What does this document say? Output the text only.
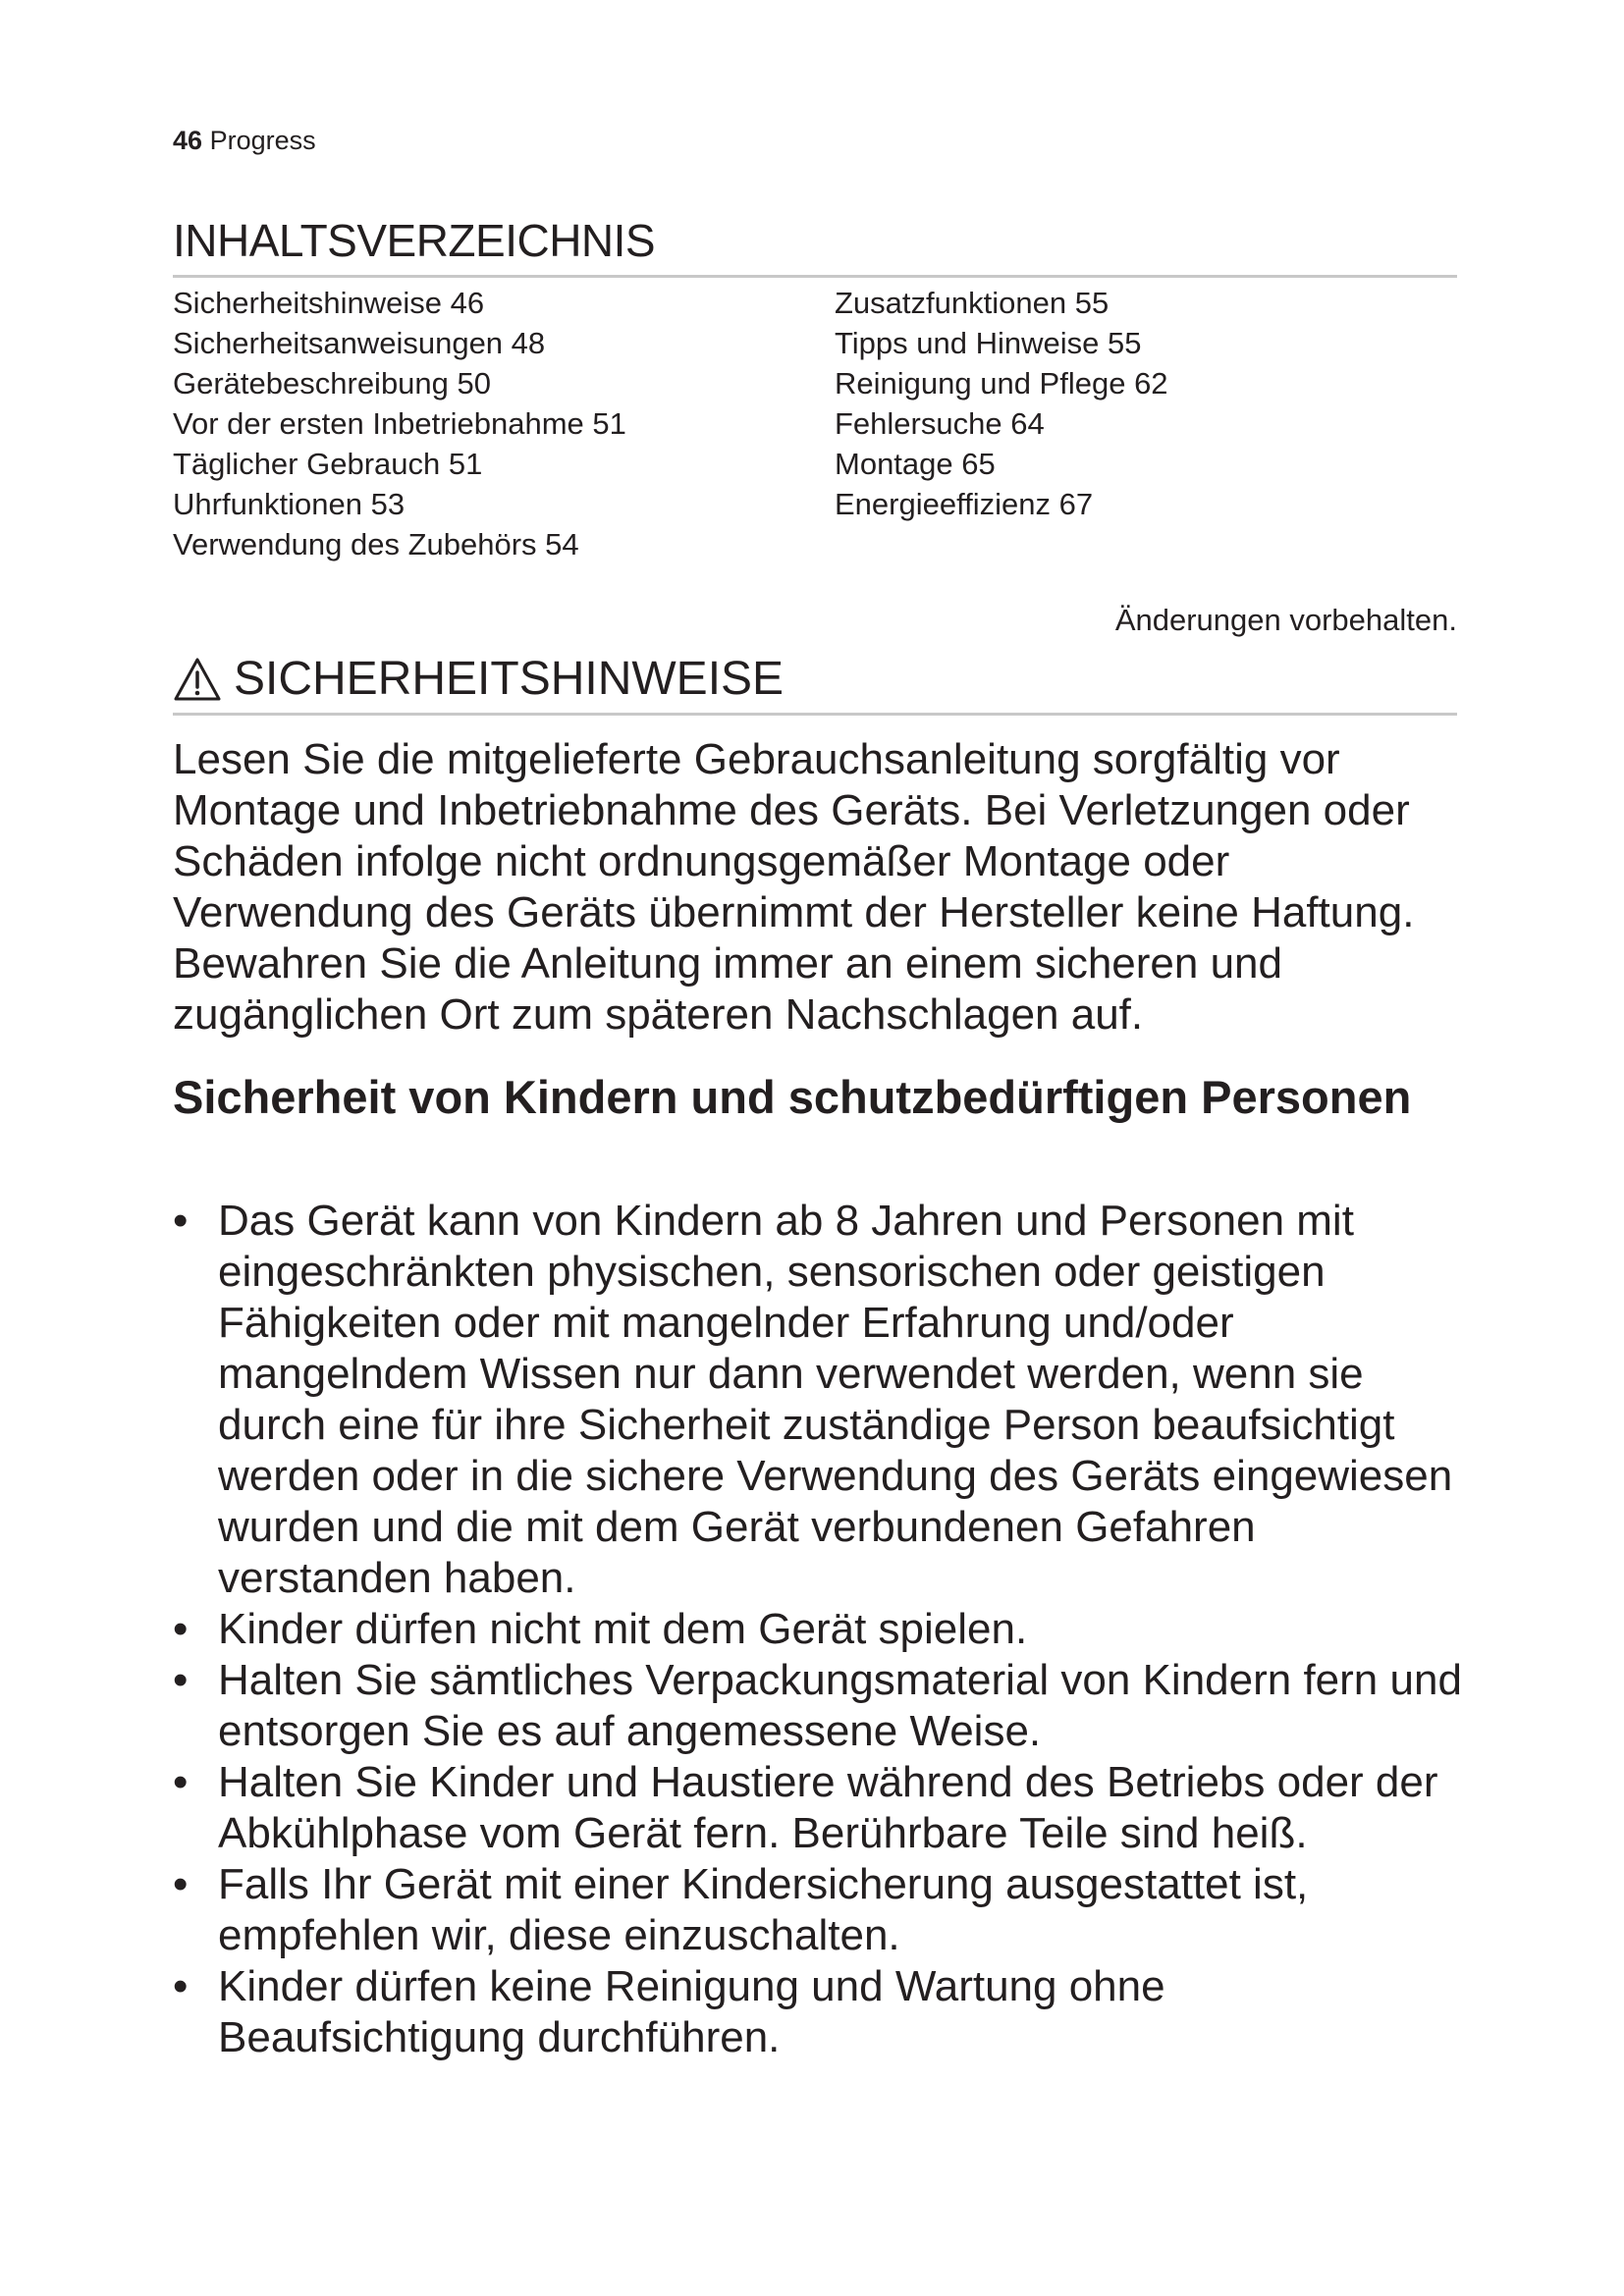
46 Progress
INHALTSVERZEICHNIS
Sicherheitshinweise 46
Sicherheitsanweisungen 48
Gerätebeschreibung 50
Vor der ersten Inbetriebnahme 51
Täglicher Gebrauch 51
Uhrfunktionen 53
Verwendung des Zubehörs 54
Zusatzfunktionen 55
Tipps und Hinweise 55
Reinigung und Pflege 62
Fehlersuche 64
Montage 65
Energieeffizienz 67
Änderungen vorbehalten.
SICHERHEITSHINWEISE
Lesen Sie die mitgelieferte Gebrauchsanleitung sorgfältig vor Montage und Inbetriebnahme des Geräts. Bei Verletzungen oder Schäden infolge nicht ordnungsgemäßer Montage oder Verwendung des Geräts übernimmt der Hersteller keine Haftung. Bewahren Sie die Anleitung immer an einem sicheren und zugänglichen Ort zum späteren Nachschlagen auf.
Sicherheit von Kindern und schutzbedürftigen Personen
• Das Gerät kann von Kindern ab 8 Jahren und Personen mit eingeschränkten physischen, sensorischen oder geistigen Fähigkeiten oder mit mangelnder Erfahrung und/oder mangelndem Wissen nur dann verwendet werden, wenn sie durch eine für ihre Sicherheit zuständige Person beaufsichtigt werden oder in die sichere Verwendung des Geräts eingewiesen wurden und die mit dem Gerät verbundenen Gefahren verstanden haben.
• Kinder dürfen nicht mit dem Gerät spielen.
• Halten Sie sämtliches Verpackungsmaterial von Kindern fern und entsorgen Sie es auf angemessene Weise.
• Halten Sie Kinder und Haustiere während des Betriebs oder der Abkühlphase vom Gerät fern. Berührbare Teile sind heiß.
• Falls Ihr Gerät mit einer Kindersicherung ausgestattet ist, empfehlen wir, diese einzuschalten.
• Kinder dürfen keine Reinigung und Wartung ohne Beaufsichtigung durchführen.
